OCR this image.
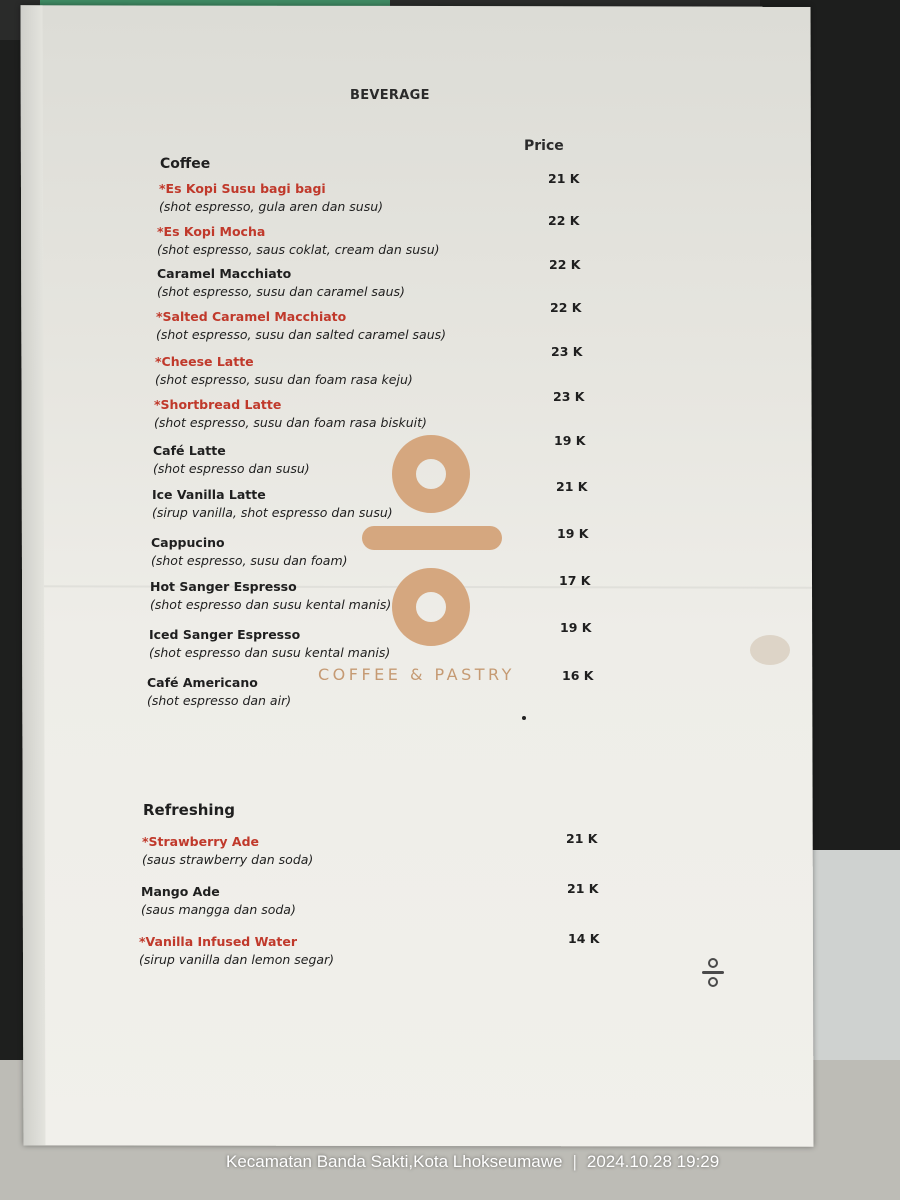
BEVERAGE
Price
Coffee
*Es Kopi Susu bagi bagi
(shot espresso, gula aren dan susu)
21 K
*Es Kopi Mocha
(shot espresso, saus coklat, cream dan susu)
22 K
Caramel Macchiato
(shot espresso, susu dan caramel saus)
22 K
*Salted Caramel Macchiato
(shot espresso, susu dan salted caramel saus)
22 K
*Cheese Latte
(shot espresso, susu dan foam rasa keju)
23 K
*Shortbread Latte
(shot espresso, susu dan foam rasa biskuit)
23 K
Café Latte
(shot espresso dan susu)
19 K
Ice Vanilla Latte
(sirup vanilla, shot espresso dan susu)
21 K
Cappucino
(shot espresso, susu dan foam)
19 K
Hot Sanger Espresso
(shot espresso dan susu kental manis)
17 K
Iced Sanger Espresso
(shot espresso dan susu kental manis)
19 K
Café Americano
(shot espresso dan air)
16 K
Refreshing
*Strawberry Ade
(saus strawberry dan soda)
21 K
Mango Ade
(saus mangga dan soda)
21 K
*Vanilla Infused Water
(sirup vanilla dan lemon segar)
14 K
COFFEE & PASTRY
Kecamatan Banda Sakti,Kota Lhokseumawe | 2024.10.28 19:29
